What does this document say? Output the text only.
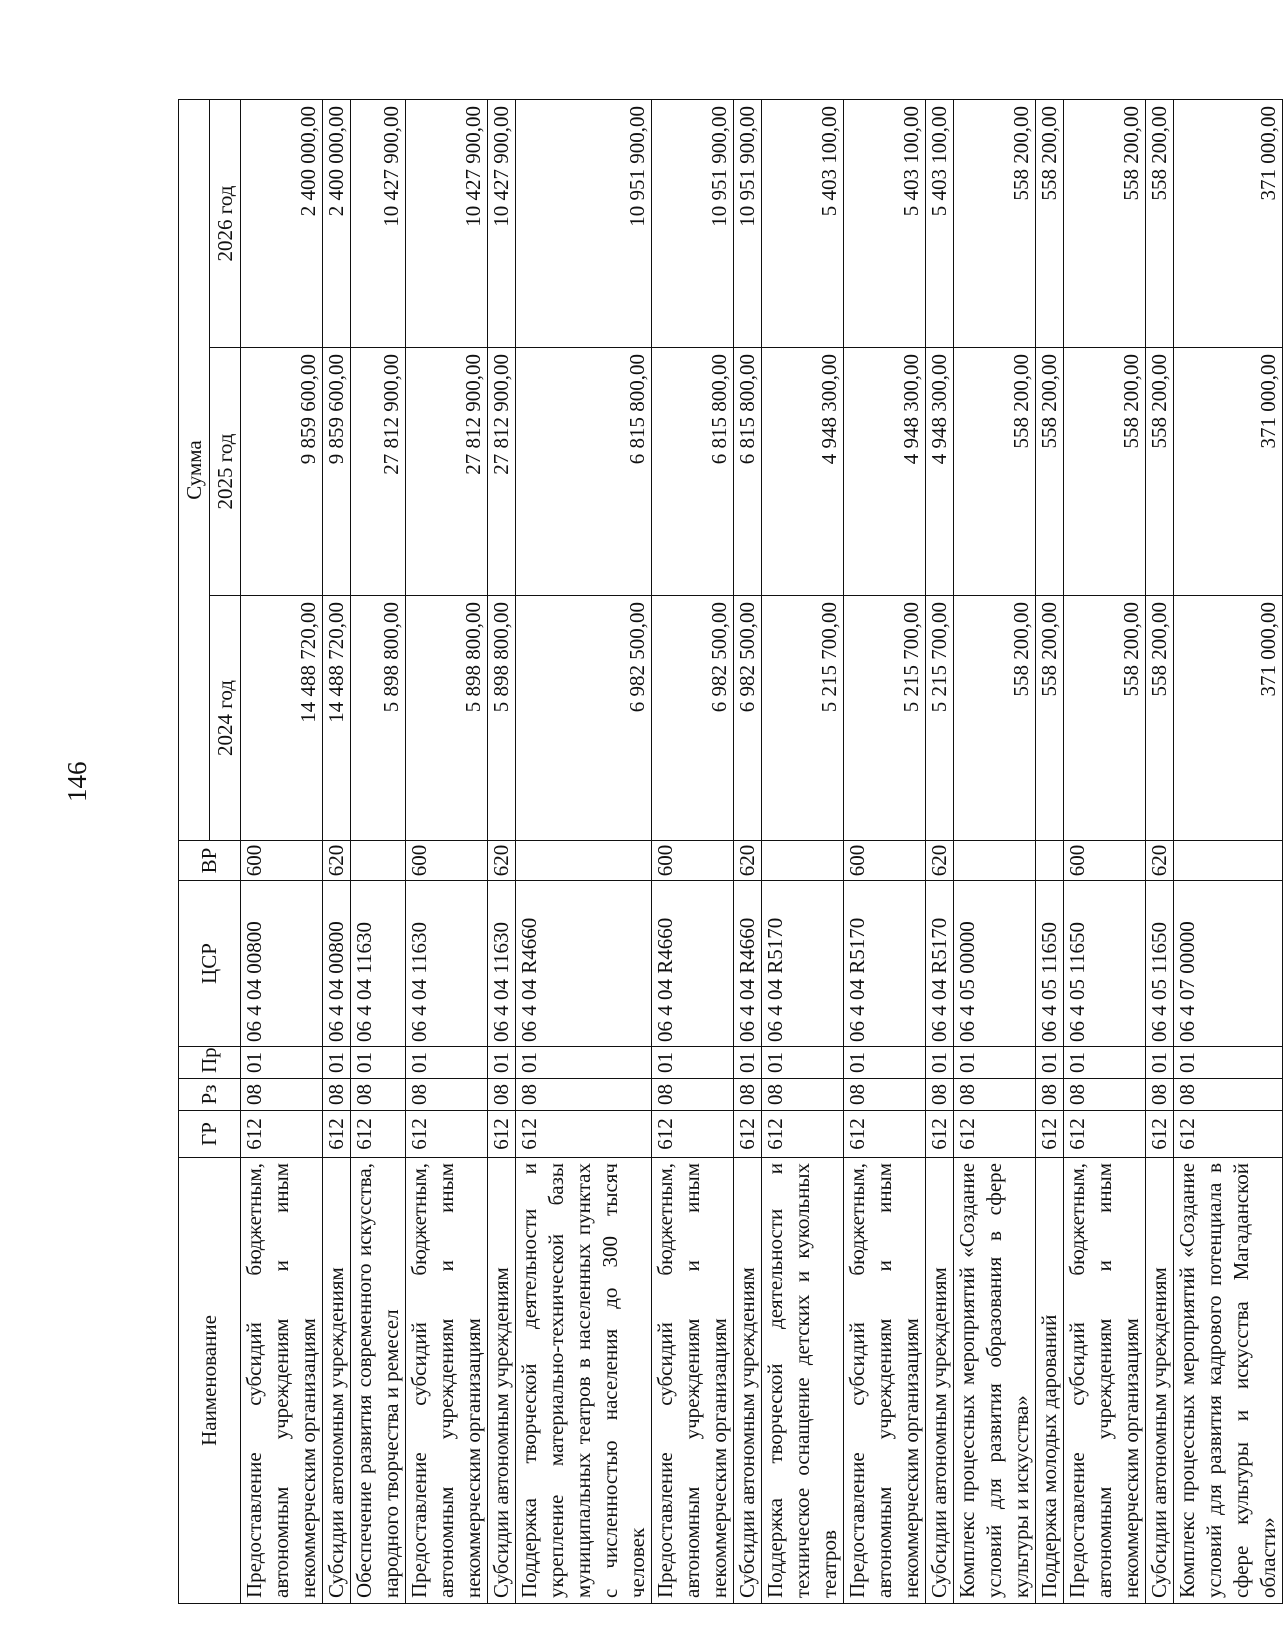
146
Наименование	ГР	Рз	Пр	ЦСР	ВР	Сумма		
						2024 год	2025 год	2026 год
Предоставление субсидий бюджетным, автономным учреждениям и иным некоммерческим организациям	612	08	01	06 4 04 00800	600	14 488 720,00	9 859 600,00	2 400 000,00
Субсидии автономным учреждениям	612	08	01	06 4 04 00800	620	14 488 720,00	9 859 600,00	2 400 000,00
Обеспечение развития современного искусства, народного творчества и ремесел	612	08	01	06 4 04 11630		5 898 800,00	27 812 900,00	10 427 900,00
Предоставление субсидий бюджетным, автономным учреждениям и иным некоммерческим организациям	612	08	01	06 4 04 11630	600	5 898 800,00	27 812 900,00	10 427 900,00
Субсидии автономным учреждениям	612	08	01	06 4 04 11630	620	5 898 800,00	27 812 900,00	10 427 900,00
Поддержка творческой деятельности и укрепление материально-технической базы муниципальных театров в населенных пунктах с численностью населения до 300 тысяч человек	612	08	01	06 4 04 R4660		6 982 500,00	6 815 800,00	10 951 900,00
Предоставление субсидий бюджетным, автономным учреждениям и иным некоммерческим организациям	612	08	01	06 4 04 R4660	600	6 982 500,00	6 815 800,00	10 951 900,00
Субсидии автономным учреждениям	612	08	01	06 4 04 R4660	620	6 982 500,00	6 815 800,00	10 951 900,00
Поддержка творческой деятельности и техническое оснащение детских и кукольных театров	612	08	01	06 4 04 R5170		5 215 700,00	4 948 300,00	5 403 100,00
Предоставление субсидий бюджетным, автономным учреждениям и иным некоммерческим организациям	612	08	01	06 4 04 R5170	600	5 215 700,00	4 948 300,00	5 403 100,00
Субсидии автономным учреждениям	612	08	01	06 4 04 R5170	620	5 215 700,00	4 948 300,00	5 403 100,00
Комплекс процессных мероприятий «Создание условий для развития образования в сфере культуры и искусства»	612	08	01	06 4 05 00000		558 200,00	558 200,00	558 200,00
Поддержка молодых дарований	612	08	01	06 4 05 11650		558 200,00	558 200,00	558 200,00
Предоставление субсидий бюджетным, автономным учреждениям и иным некоммерческим организациям	612	08	01	06 4 05 11650	600	558 200,00	558 200,00	558 200,00
Субсидии автономным учреждениям	612	08	01	06 4 05 11650	620	558 200,00	558 200,00	558 200,00
Комплекс процессных мероприятий «Создание условий для развития кадрового потенциала в сфере культуры и искусства Магаданской области»	612	08	01	06 4 07 00000		371 000,00	371 000,00	371 000,00
